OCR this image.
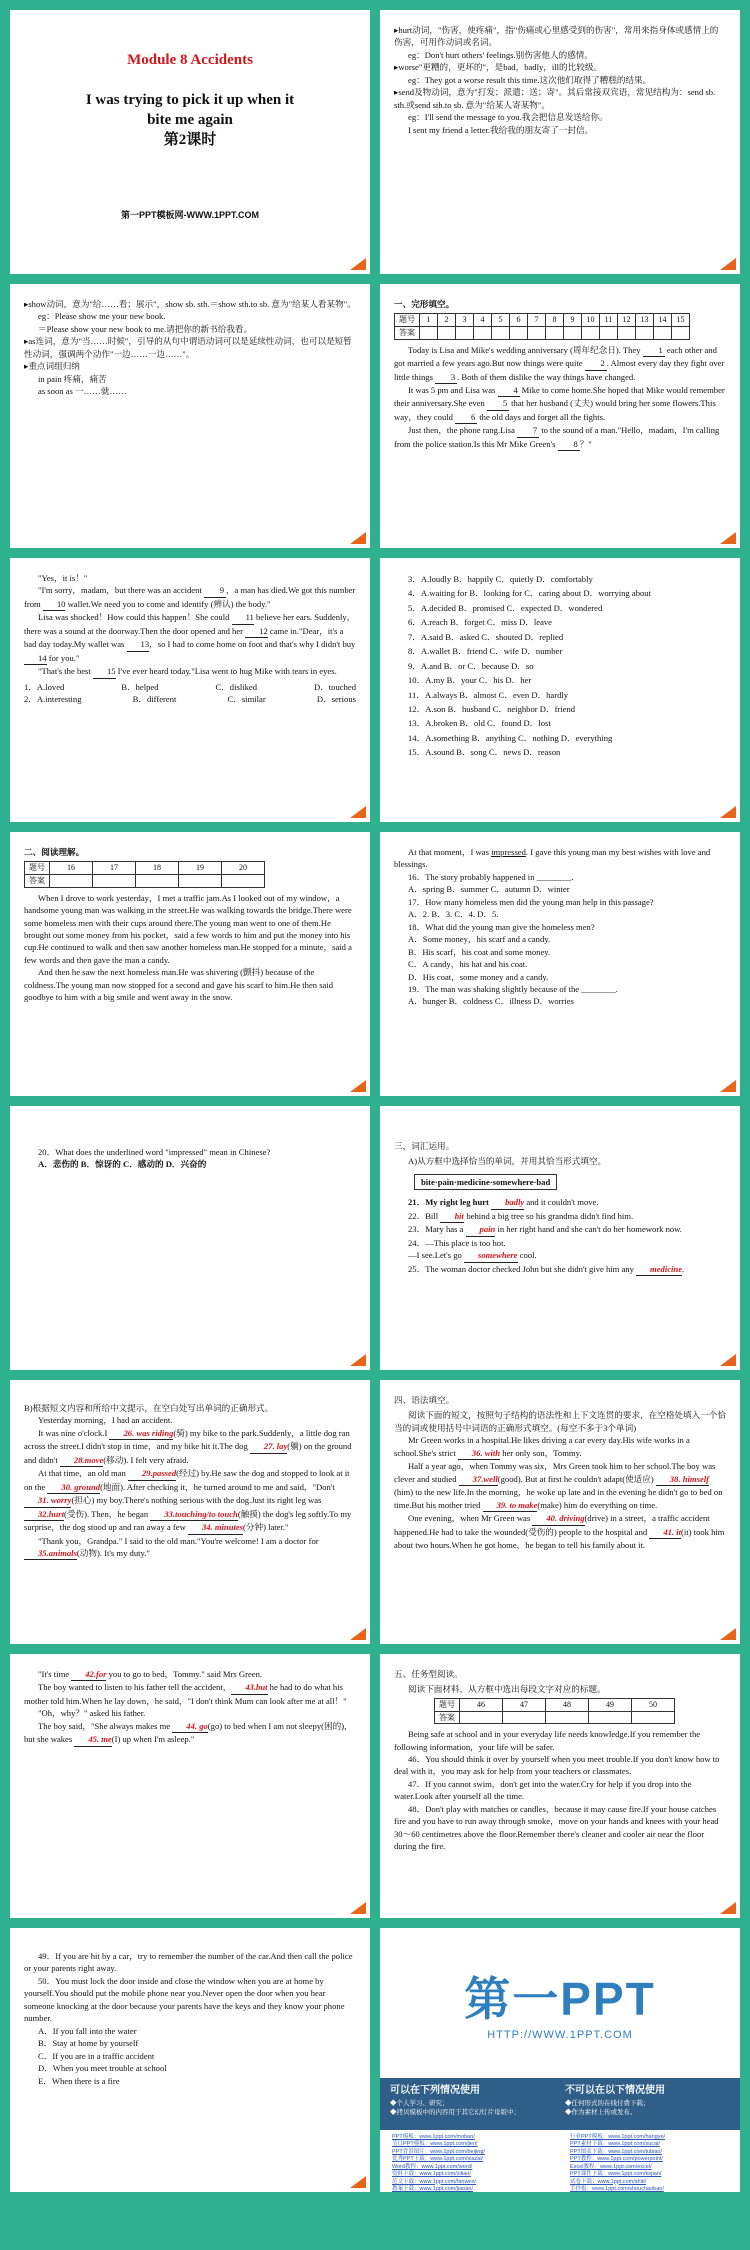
Module 8 Accidents
I was trying to pick it up when it
bite me again
第2课时
第一PPT模板网-WWW.1PPT.COM

▸hurt动词，"伤害，使疼痛"，指"伤痛或心里感受到的伤害"，常用来指身体或感情上的伤害，可用作动词或名词。

eg：Don't hurt others' feelings.别伤害他人的感情。

▸worse"更糟的，更坏的"，是bad，badly，ill的比较级。

eg：They got a worse result this time.这次他们取得了糟糕的结果。

▸send及物动词，意为"打发；派遣；送；寄"。其后常接双宾语，常见结构为：send sb. sth.或send sth.to sb. 意为"给某人寄某物"。

eg：I'll send the message to you.我会把信息发送给你。

I sent my friend a letter.我给我的朋友寄了一封信。

▸show动词，意为"给……看；展示"，show sb. sth.＝show sth.to sb. 意为"给某人看某物"。

eg：Please show me your new book.

＝Please show your new book to me.请把你的新书给我看。

▸as连词，意为"当……时候"，引导的从句中谓语动词可以是延续性动词，也可以是短暂性动词，强调两个动作"一边……一边……"。

▸重点词组归纳

in pain 疼痛，痛苦

as soon as 一……就……

一、完形填空。

题号	1	2	3	4	5	6	7	8	9	10	11	12	13	14	15
答案															

Today is Lisa and Mike's wedding anniversary (周年纪念日). They 1 each other and got married a few years ago.But now things were quite 2 . Almost every day they fight over little things 3 . Both of them dislike the way things have changed.

It was 5 pm and Lisa was 4 Mike to come home.She hoped that Mike would remember their anniversary.She even 5 that her husband (丈夫) would bring her some flowers.This way，they could 6 the old days and forget all the fights.

Just then，the phone rang.Lisa 7 to the sound of a man."Hello，madam，I'm calling from the police station.Is this Mr Mike Green's 8 ？"

"Yes，it is！"

"I'm sorry，madam，but there was an accident 9 ，a man has died.We got this number from 10 wallet.We need you to come and identify (辨认) the body."

Lisa was shocked！How could this happen！She could 11 believe her ears. Suddenly，there was a sound at the doorway.Then the door opened and her 12 came in."Dear，it's a bad day today.My wallet was 13，so I had to come home on foot and that's why I didn't buy 14 for you."

"That's the best 15 I've ever heard today."Lisa went to hug Mike with tears in eyes.

1．A.loved	B．helped	C．disliked	D．touched
2．A.interesting	B．different	C．similar	D．serious

3．A.loudly B．happily C．quietly D．comfortably

4．A.waiting for B．looking for C．caring about D．worrying about

5．A.decided B．promised C．expected D．wondered

6．A.reach B．forget C．miss D．leave

7．A.said B．asked C．shouted D．replied

8．A.wallet B．friend C．wife D．number

9．A.and B．or C．because D．so

10．A.my B．your C．his D．her

11．A.always B．almost C．even D．hardly

12．A.son B．husband C．neighbor D．friend

13．A.broken B．old C．found D．lost

14．A.something B．anything C．nothing D．everything

15．A.sound B．song C．news D．reason

二、阅读理解。

题号	16	17	18	19	20
答案					

When I drove to work yesterday，I met a traffic jam.As I looked out of my window，a handsome young man was walking in the street.He was walking towards the bridge.There were some homeless men with their cups around there.The young man went to one of them.He brought out some money from his pocket，said a few words to him and put the money into his cup.He continued to walk and then saw another homeless man.He stopped for a minute，said a few words and then gave the man a candy.

And then he saw the next homeless man.He was shivering (颤抖) because of the coldness.The young man now stopped for a second and gave his scarf to him.He then said goodbye to him with a big smile and went away in the snow.

At that moment，I was impressed. I gave this young man my best wishes with love and blessings.

16．The story probably happened in ________．

A．spring B．summer C．autumn D．winter

17．How many homeless men did the young man help in this passage?

A．2. B．3. C．4. D．5.

18．What did the young man give the homeless men?

A．Some money，his scarf and a candy.

B．His scarf，his coat and some money.

C．A candy，his hat and his coat.

D．His coat，some money and a candy.

19．The man was shaking slightly because of the ________.

A．hunger B．coldness C．illness D．worries

20．What does the underlined word "impressed" mean in Chinese?

A．悲伤的 B．惊讶的 C．感动的 D．兴奋的

三，词汇运用。

A)从方框中选择恰当的单词，并用其恰当形式填空。

bite·pain·medicine·somewhere·bad

21．My right leg hurt badly and it couldn't move.

22．Bill bit behind a big tree so his grandma didn't find him.

23．Mary has a pain in her right hand and she can't do her homework now.

24．—This place is too hot.

—I see.Let's go somewhere cool.

25．The woman doctor checked John but she didn't give him any medicine.

B)根据短文内容和所给中文提示，在空白处写出单词的正确形式。

Yesterday morning，I had an accident.

It was nine o'clock.I 26. was riding(骑) my bike to the park.Suddenly，a little dog ran across the street.I didn't stop in time，and my bike hit it.The dog 27. lay(躺) on the ground and didn't 28.move(移动). I felt very afraid.

At that time，an old man 29.passed(经过) by.He saw the dog and stopped to look at it on the 30. ground(地面). After checking it，he turned around to me and said，"Don't 31. worry(担心) my boy.There's nothing serious with the dog.Just its right leg was 32.hurt(受伤). Then，he began 33.touching/to touch(触摸) the dog's leg softly.To my surprise，the dog stood up and ran away a few 34. minutes(分钟) later."

"Thank you，Grandpa." I said to the old man."You're welcome! I am a doctor for 35.animals(动物). It's my duty."

四、语法填空。

阅读下面的短文，按照句子结构的语法性和上下文连贯的要求，在空格处填入一个恰当的词或使用括号中词语的正确形式填空。(每空不多于3个单词)

Mr Green works in a hospital.He likes driving a car every day.His wife works in a school.She's strict 36. with her only son，Tommy.

Half a year ago，when Tommy was six，Mrs Green took him to her school.The boy was clever and studied 37.well(good). But at first he couldn't adapt(使适应) 38. himself(him) to the new life.In the morning，he woke up late and in the evening he didn't go to bed on time.But his mother tried 39. to make(make) him do everything on time.

One evening，when Mr Green was 40. driving(drive) in a street，a traffic accident happened.He had to take the wounded(受伤的) people to the hospital and 41. it(it) took him about two hours.When he got home，he began to tell his family about it.

"It's time 42.for you to go to bed，Tommy." said Mrs Green.

The boy wanted to listen to his father tell the accident， 43.but he had to do what his mother told him.When he lay down，he said，"I don't think Mum can look after me at all！"

"Oh，why？" asked his father.

The boy said，"She always makes me 44. go(go) to bed when I am not sleepy(困的)，but she wakes 45. me(I) up when I'm asleep."

五、任务型阅读。

阅读下面材料，从方框中选出每段文字对应的标题。

题号	46	47	48	49	50
答案					

Being safe at school and in your everyday life needs knowledge.If you remember the following information，your life will be safer.

46．You should think it over by yourself when you meet trouble.If you don't know how to deal with it，you may ask for help from your teachers or classmates.

47．If you cannot swim，don't get into the water.Cry for help if you drop into the water.Look after yourself all the time.

48．Don't play with matches or candles，because it may cause fire.If your house catches fire and you have to run away through smoke，move on your hands and knees with your head 30～60 centimetres above the floor.Remember there's cleaner and cooler air near the floor during the fire.

49．If you are hit by a car，try to remember the number of the car.And then call the police or your parents right away.

50．You must lock the door inside and close the window when you are at home by yourself.You should put the mobile phone near you.Never open the door when you hear someone knocking at the door because your parents have the keys and they know your phone number.

A．If you fall into the water

B．Stay at home by yourself

C．If you are in a traffic accident

D．When you meet trouble at school

E．When there is a fire

第一PPT
HTTP://WWW.1PPT.COM
可以在下列情况使用
◆个人学习、研究；
◆拷贝模板中的内容用于其它幻灯片母版中；
不可以在以下情况使用
◆任何形式的在线付费下载；
◆作为素材上传或发布。
PPT模板：www.1ppt.com/moban/
节日PPT模板：www.1ppt.com/jieri/
PPT背景图片：www.1ppt.com/beijing/
优秀PPT下载：www.1ppt.com/xiazai/
Word教程：www.1ppt.com/word/
资料下载：www.1ppt.com/ziliao/
范文下载：www.1ppt.com/fanwen/
教案下载：www.1ppt.com/jiaoan/
行业PPT模板：www.1ppt.com/hangye/
PPT素材下载：www.1ppt.com/sucai/
PPT图表下载：www.1ppt.com/tubiao/
PPT教程：www.1ppt.com/powerpoint/
Excel教程：www.1ppt.com/excel/
PPT课件下载：www.1ppt.com/kejian/
试卷下载：www.1ppt.com/shiti/
手抄报：www.1ppt.com/shouchaobao/
